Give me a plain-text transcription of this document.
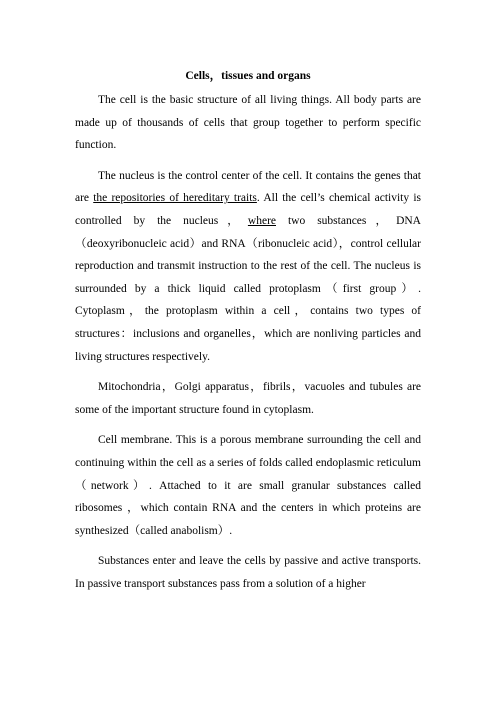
Cells，tissues and organs

The cell is the basic structure of all living things. All body parts are made up of thousands of cells that group together to perform specific function.

The nucleus is the control center of the cell. It contains the genes that are the repositories of hereditary traits. All the cell’s chemical activity is controlled by the nucleus，where two substances，DNA（deoxyribonucleic acid）and RNA（ribonucleic acid），control cellular reproduction and transmit instruction to the rest of the cell. The nucleus is surrounded by a thick liquid called protoplasm（first group）. Cytoplasm，the protoplasm within a cell，contains two types of structures：inclusions and organelles，which are nonliving particles and living structures respectively.

Mitochondria，Golgi apparatus，fibrils，vacuoles and tubules are some of the important structure found in cytoplasm.

Cell membrane. This is a porous membrane surrounding the cell and continuing within the cell as a series of folds called endoplasmic reticulum（network）. Attached to it are small granular substances called ribosomes ，which contain RNA and the centers in which proteins are synthesized（called anabolism）.

Substances enter and leave the cells by passive and active transports. In passive transport substances pass from a solution of a higher
